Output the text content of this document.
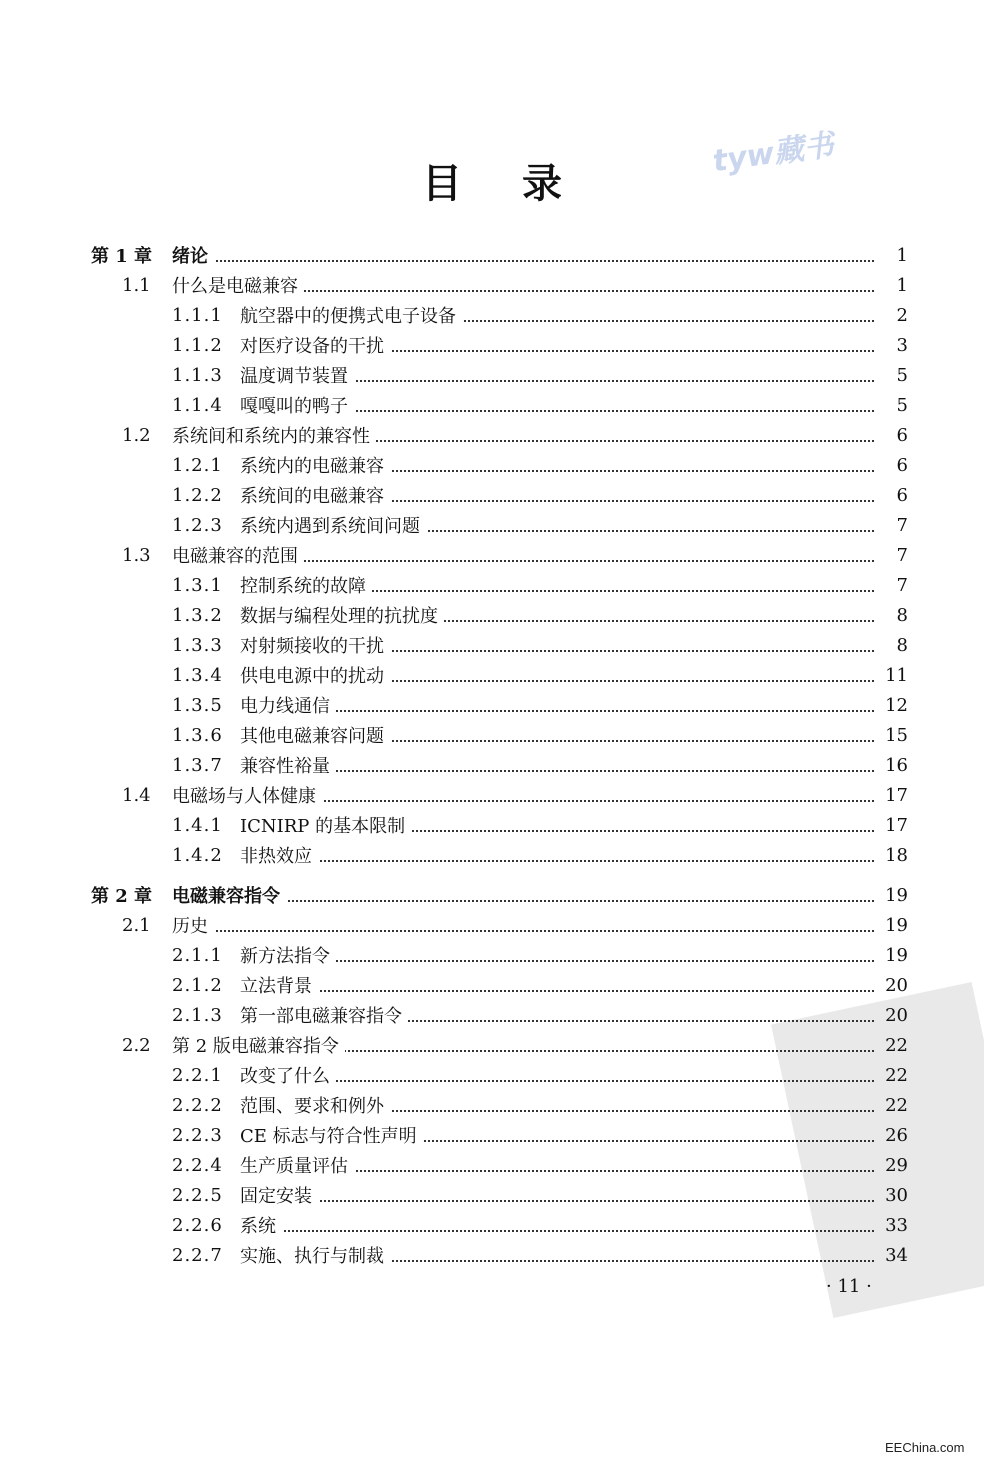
tyw藏书
目录
第 1 章 绪论	1
1.1 什么是电磁兼容	1
1.1.1 航空器中的便携式电子设备	2
1.1.2 对医疗设备的干扰	3
1.1.3 温度调节装置	5
1.1.4 嘎嘎叫的鸭子	5
1.2 系统间和系统内的兼容性	6
1.2.1 系统内的电磁兼容	6
1.2.2 系统间的电磁兼容	6
1.2.3 系统内遇到系统间问题	7
1.3 电磁兼容的范围	7
1.3.1 控制系统的故障	7
1.3.2 数据与编程处理的抗扰度	8
1.3.3 对射频接收的干扰	8
1.3.4 供电电源中的扰动	11
1.3.5 电力线通信	12
1.3.6 其他电磁兼容问题	15
1.3.7 兼容性裕量	16
1.4 电磁场与人体健康	17
1.4.1 ICNIRP 的基本限制	17
1.4.2 非热效应	18
第 2 章 电磁兼容指令	19
2.1 历史	19
2.1.1 新方法指令	19
2.1.2 立法背景	20
2.1.3 第一部电磁兼容指令	20
2.2 第 2 版电磁兼容指令	22
2.2.1 改变了什么	22
2.2.2 范围、要求和例外	22
2.2.3 CE 标志与符合性声明	26
2.2.4 生产质量评估	29
2.2.5 固定安装	30
2.2.6 系统	33
2.2.7 实施、执行与制裁	34
· 11 ·
EEChina.com
